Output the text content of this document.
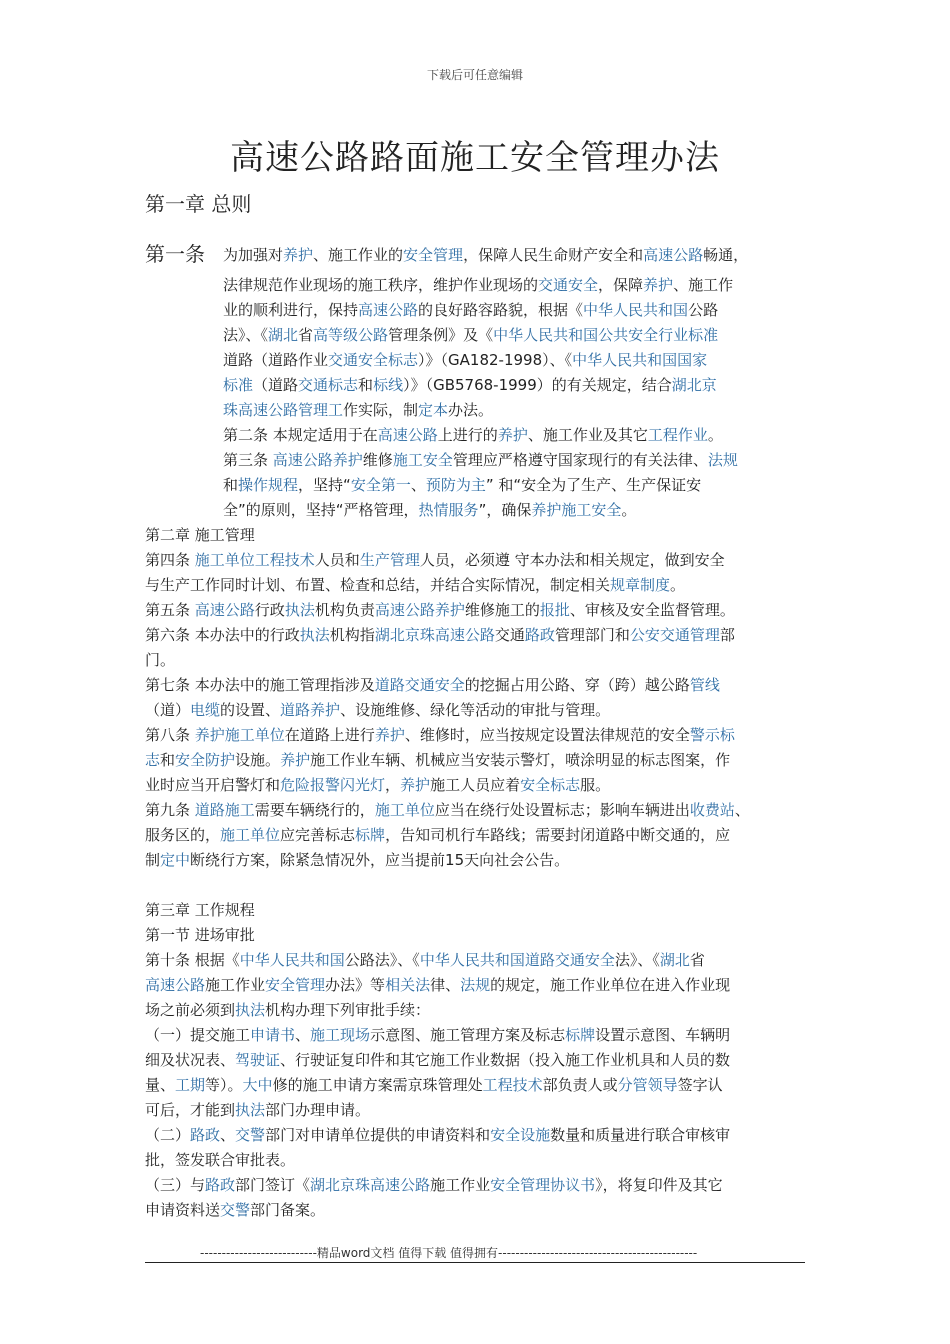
下载后可任意编辑
高速公路路面施工安全管理办法
第一章 总则
第一条 为加强对养护、施工作业的安全管理，保障人民生命财产安全和高速公路畅通，
法律规范作业现场的施工秩序，维护作业现场的交通安全，保障养护、施工作
业的顺利进行，保持高速公路的良好路容路貌，根据《中华人民共和国公路
法》、《湖北省高等级公路管理条例》及《中华人民共和国公共安全行业标准
道路（道路作业交通安全标志）》（GA182-1998）、《中华人民共和国国家
标准（道路交通标志和标线）》（GB5768-1999）的有关规定，结合湖北京
珠高速公路管理工作实际，制定本办法。
第二条 本规定适用于在高速公路上进行的养护、施工作业及其它工程作业。
第三条 高速公路养护维修施工安全管理应严格遵守国家现行的有关法律、法规
和操作规程，坚持“安全第一、预防为主” 和“安全为了生产、生产保证安
全”的原则，坚持“严格管理，热情服务”，确保养护施工安全。
第二章 施工管理
第四条 施工单位工程技术人员和生产管理人员，必须遵 守本办法和相关规定，做到安全
与生产工作同时计划、布置、检查和总结，并结合实际情况，制定相关规章制度。
第五条 高速公路行政执法机构负责高速公路养护维修施工的报批、审核及安全监督管理。
第六条 本办法中的行政执法机构指湖北京珠高速公路交通路政管理部门和公安交通管理部
门。
第七条 本办法中的施工管理指涉及道路交通安全的挖掘占用公路、穿（跨）越公路管线
（道）电缆的设置、道路养护、设施维修、绿化等活动的审批与管理。
第八条 养护施工单位在道路上进行养护、维修时，应当按规定设置法律规范的安全警示标
志和安全防护设施。养护施工作业车辆、机械应当安装示警灯，喷涂明显的标志图案，作
业时应当开启警灯和危险报警闪光灯，养护施工人员应着安全标志服。
第九条 道路施工需要车辆绕行的，施工单位应当在绕行处设置标志；影响车辆进出收费站、
服务区的，施工单位应完善标志标牌，告知司机行车路线；需要封闭道路中断交通的，应
制定中断绕行方案，除紧急情况外，应当提前15天向社会公告。
第三章 工作规程
第一节 进场审批
第十条 根据《中华人民共和国公路法》、《中华人民共和国道路交通安全法》、《湖北省
高速公路施工作业安全管理办法》等相关法律、法规的规定，施工作业单位在进入作业现
场之前必须到执法机构办理下列审批手续：
（一）提交施工申请书、施工现场示意图、施工管理方案及标志标牌设置示意图、车辆明
细及状况表、驾驶证、行驶证复印件和其它施工作业数据（投入施工作业机具和人员的数
量、工期等）。大中修的施工申请方案需京珠管理处工程技术部负责人或分管领导签字认
可后，才能到执法部门办理申请。
（二）路政、交警部门对申请单位提供的申请资料和安全设施数量和质量进行联合审核审
批，签发联合审批表。
（三）与路政部门签订《湖北京珠高速公路施工作业安全管理协议书》，将复印件及其它
申请资料送交警部门备案。
---------------------------精品word文档 值得下载 值得拥有----------------------------------------------
